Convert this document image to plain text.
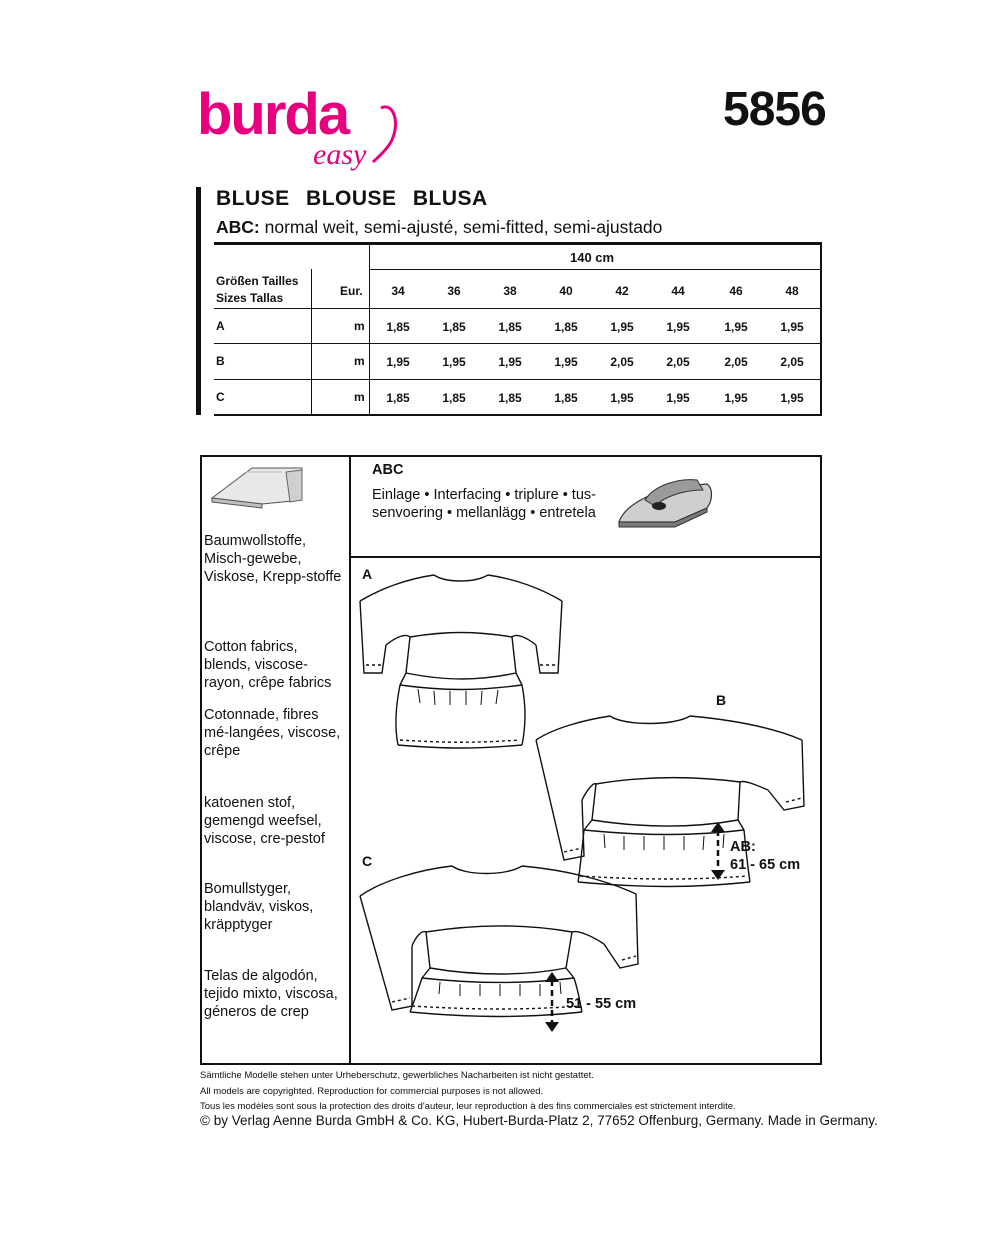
burda
easy
5856
BLUSE BLOUSE BLUSA
ABC: normal weit, semi-ajusté, semi-fitted, semi-ajustado
140 cm
Größen Tailles
Sizes Tallas	Eur.	34	36	38	40	42	44	46	48
A	m	1,85	1,85	1,85	1,85	1,95	1,95	1,95	1,95
B	m	1,95	1,95	1,95	1,95	2,05	2,05	2,05	2,05
C	m	1,85	1,85	1,85	1,85	1,95	1,95	1,95	1,95
Baumwollstoffe, Misch-gewebe, Viskose, Krepp-stoffe
Cotton fabrics, blends, viscose-rayon, crêpe fabrics
Cotonnade, fibres mé-langées, viscose, crêpe
katoenen stof, gemengd weefsel, viscose, cre-pestof
Bomullstyger, blandväv, viskos, kräpptyger
Telas de algodón, tejido mixto, viscosa, géneros de crep
ABC
Einlage • Interfacing • triplure • tus-senvoering • mellanlägg • entretela
A
B
C
AB:
61 - 65 cm
51 - 55 cm
Sämtliche Modelle stehen unter Urheberschutz, gewerbliches Nacharbeiten ist nicht gestattet.
All models are copyrighted. Reproduction for commercial purposes is not allowed.
Tous les modèles sont sous la protection des droits d'auteur, leur reproduction à des fins commerciales est strictement interdite.
© by Verlag Aenne Burda GmbH & Co. KG, Hubert-Burda-Platz 2, 77652 Offenburg, Germany. Made in Germany.
